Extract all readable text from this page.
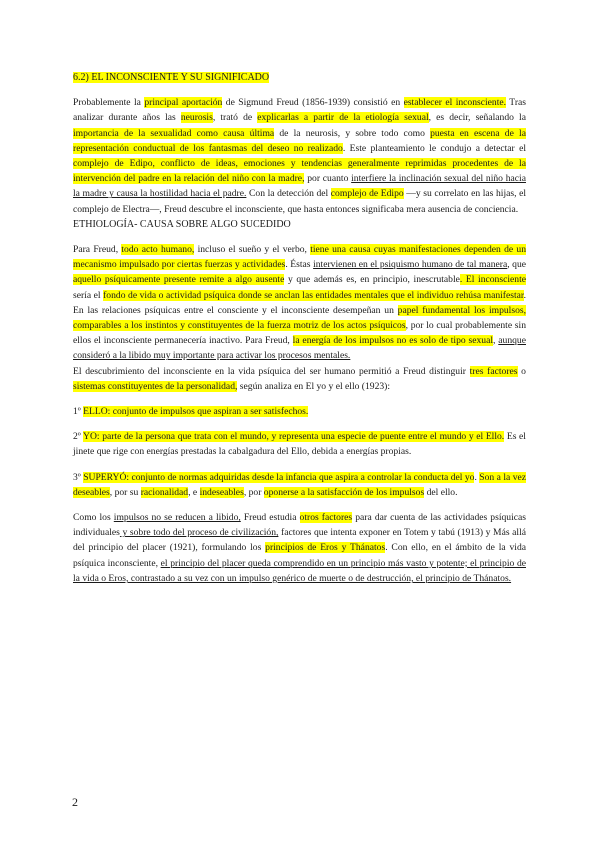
6.2) EL INCONSCIENTE Y SU SIGNIFICADO

Probablemente la principal aportación de Sigmund Freud (1856-1939) consistió en establecer el inconsciente. Tras analizar durante años las neurosis, trató de explicarlas a partir de la etiología sexual, es decir, señalando la importancia de la sexualidad como causa última de la neurosis, y sobre todo como puesta en escena de la representación conductual de los fantasmas del deseo no realizado. Este planteamiento le condujo a detectar el complejo de Edipo, conflicto de ideas, emociones y tendencias generalmente reprimidas procedentes de la intervención del padre en la relación del niño con la madre, por cuanto interfiere la inclinación sexual del niño hacia la madre y causa la hostilidad hacia el padre. Con la detección del complejo de Edipo —y su correlato en las hijas, el complejo de Electra—, Freud descubre el inconsciente, que hasta entonces significaba mera ausencia de conciencia.

ETHIOLOGÍA- CAUSA SOBRE ALGO SUCEDIDO

Para Freud, todo acto humano, incluso el sueño y el verbo, tiene una causa cuyas manifestaciones dependen de un mecanismo impulsado por ciertas fuerzas y actividades. Éstas intervienen en el psiquismo humano de tal manera, que aquello psíquicamente presente remite a algo ausente y que además es, en principio, inescrutable. El inconsciente sería el fondo de vida o actividad psíquica donde se anclan las entidades mentales que el individuo rehúsa manifestar. En las relaciones psíquicas entre el consciente y el inconsciente desempeñan un papel fundamental los impulsos, comparables a los instintos y constituyentes de la fuerza motriz de los actos psíquicos, por lo cual probablemente sin ellos el inconsciente permanecería inactivo. Para Freud, la energía de los impulsos no es solo de tipo sexual, aunque consideró a la libido muy importante para activar los procesos mentales.

El descubrimiento del inconsciente en la vida psíquica del ser humano permitió a Freud distinguir tres factores o sistemas constituyentes de la personalidad, según analiza en El yo y el ello (1923):

1º ELLO: conjunto de impulsos que aspiran a ser satisfechos.

2º YO: parte de la persona que trata con el mundo, y representa una especie de puente entre el mundo y el Ello. Es el jinete que rige con energías prestadas la cabalgadura del Ello, debida a energías propias.

3º SUPERYÓ: conjunto de normas adquiridas desde la infancia que aspira a controlar la conducta del yo. Son a la vez deseables, por su racionalidad, e indeseables, por oponerse a la satisfacción de los impulsos del ello.

Como los impulsos no se reducen a libido, Freud estudia otros factores para dar cuenta de las actividades psíquicas individuales y sobre todo del proceso de civilización, factores que intenta exponer en Totem y tabú (1913) y Más allá del principio del placer (1921), formulando los principios de Eros y Thánatos. Con ello, en el ámbito de la vida psíquica inconsciente, el principio del placer queda comprendido en un principio más vasto y potente; el principio de la vida o Eros, contrastado a su vez con un impulso genérico de muerte o de destrucción, el principio de Thánatos.

2
